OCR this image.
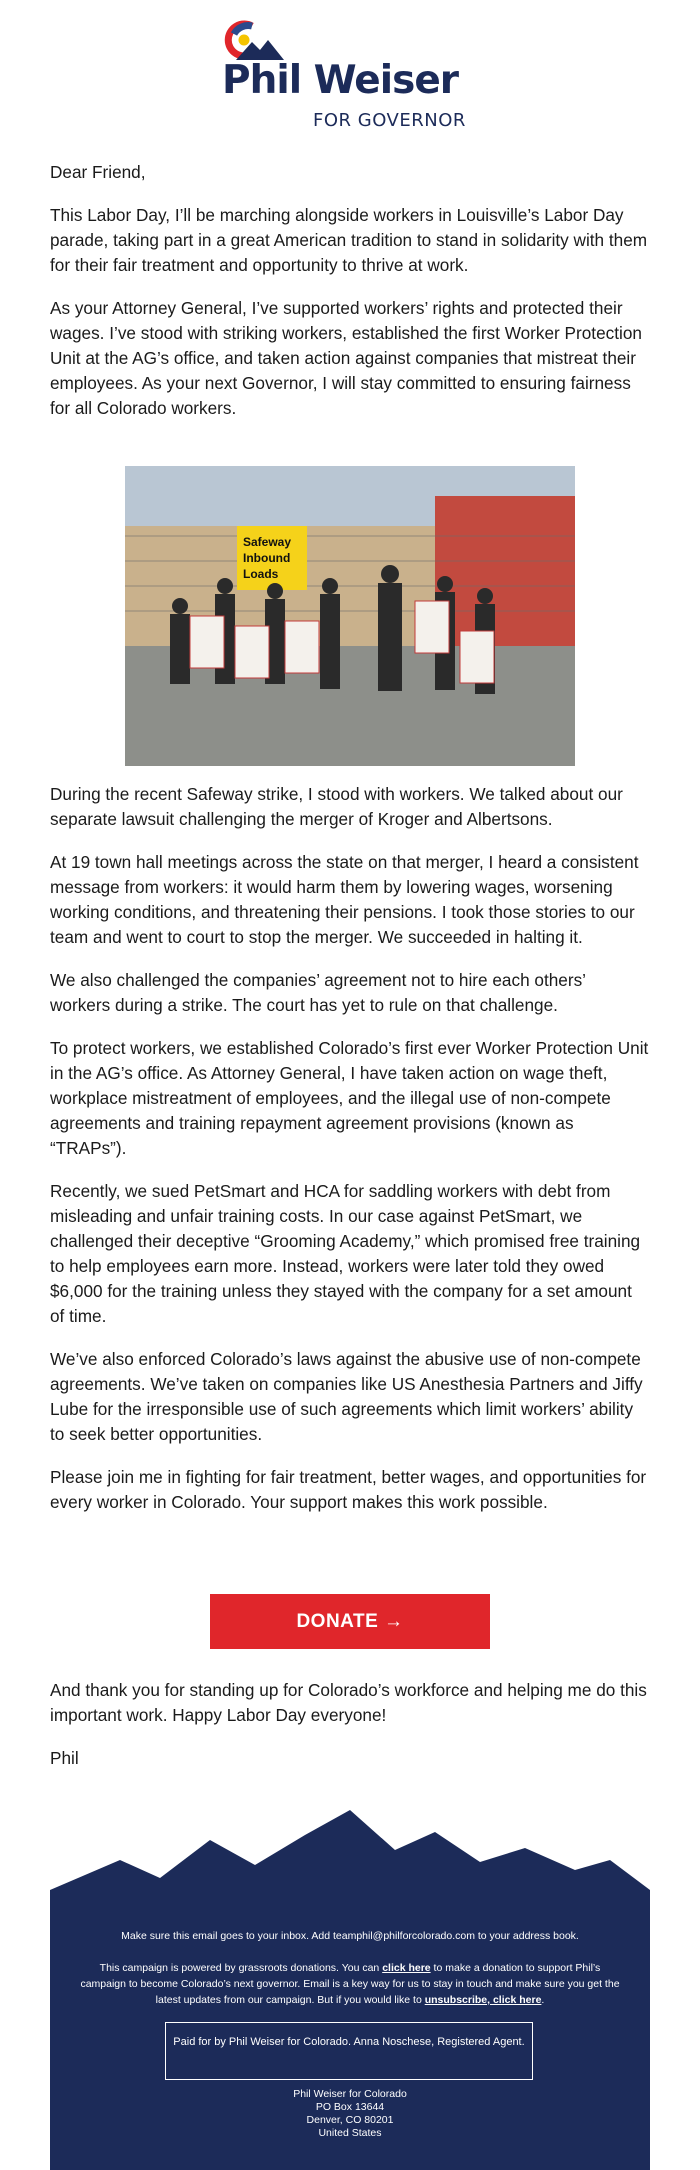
Phil Weiser
FOR GOVERNOR

Dear Friend,

This Labor Day, I’ll be marching alongside workers in Louisville’s Labor Day parade, taking part in a great American tradition to stand in solidarity with them for their fair treatment and opportunity to thrive at work.

As your Attorney General, I’ve supported workers’ rights and protected their wages. I’ve stood with striking workers, established the first Worker Protection Unit at the AG’s office, and taken action against companies that mistreat their employees. As your next Governor, I will stay committed to ensuring fairness for all Colorado workers.

Safeway
Inbound
Loads

During the recent Safeway strike, I stood with workers. We talked about our separate lawsuit challenging the merger of Kroger and Albertsons.

At 19 town hall meetings across the state on that merger, I heard a consistent message from workers: it would harm them by lowering wages, worsening working conditions, and threatening their pensions. I took those stories to our team and went to court to stop the merger. We succeeded in halting it.

We also challenged the companies’ agreement not to hire each others’ workers during a strike. The court has yet to rule on that challenge.

To protect workers, we established Colorado’s first ever Worker Protection Unit in the AG’s office. As Attorney General, I have taken action on wage theft, workplace mistreatment of employees, and the illegal use of non-compete agreements and training repayment agreement provisions (known as “TRAPs”).

Recently, we sued PetSmart and HCA for saddling workers with debt from misleading and unfair training costs. In our case against PetSmart, we challenged their deceptive “Grooming Academy,” which promised free training to help employees earn more. Instead, workers were later told they owed $6,000 for the training unless they stayed with the company for a set amount of time.

We’ve also enforced Colorado’s laws against the abusive use of non-compete agreements. We’ve taken on companies like US Anesthesia Partners and Jiffy Lube for the irresponsible use of such agreements which limit workers’ ability to seek better opportunities.

Please join me in fighting for fair treatment, better wages, and opportunities for every worker in Colorado. Your support makes this work possible.

DONATE →

And thank you for standing up for Colorado’s workforce and helping me do this important work. Happy Labor Day everyone!

Phil

Make sure this email goes to your inbox. Add teamphil@philforcolorado.com to your address book.
This campaign is powered by grassroots donations. You can click here to make a donation to support Phil’s campaign to become Colorado’s next governor. Email is a key way for us to stay in touch and make sure you get the latest updates from our campaign. But if you would like to unsubscribe, click here.
Paid for by Phil Weiser for Colorado. Anna Noschese, Registered Agent.
Phil Weiser for Colorado
PO Box 13644
Denver, CO 80201
United States
